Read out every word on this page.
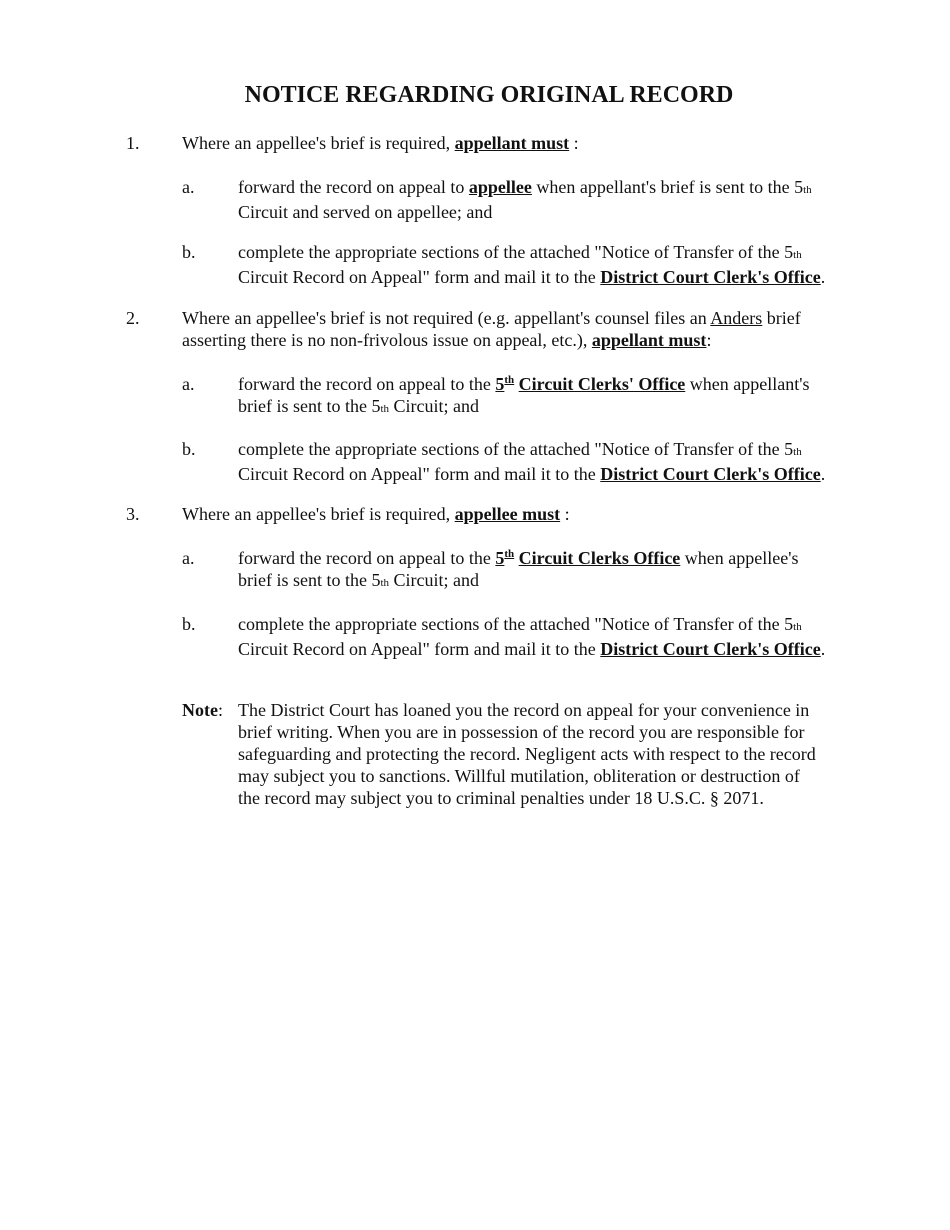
NOTICE REGARDING ORIGINAL RECORD
1. Where an appellee's brief is required, appellant must :
a. forward the record on appeal to appellee when appellant's brief is sent to the 5th
Circuit and served on appellee; and
b. complete the appropriate sections of the attached "Notice of Transfer of the 5th
Circuit Record on Appeal" form and mail it to the District Court Clerk's Office.
2. Where an appellee's brief is not required (e.g. appellant's counsel files an Anders brief
asserting there is no non-frivolous issue on appeal, etc.), appellant must:
a. forward the record on appeal to the 5th Circuit Clerks' Office when appellant's
brief is sent to the 5th Circuit; and
b. complete the appropriate sections of the attached "Notice of Transfer of the 5th
Circuit Record on Appeal" form and mail it to the District Court Clerk's Office.
3. Where an appellee's brief is required, appellee must :
a. forward the record on appeal to the 5th Circuit Clerks Office when appellee's
brief is sent to the 5th Circuit; and
b. complete the appropriate sections of the attached "Notice of Transfer of the 5th
Circuit Record on Appeal" form and mail it to the District Court Clerk's Office.
Note: The District Court has loaned you the record on appeal for your convenience in
brief writing. When you are in possession of the record you are responsible for
safeguarding and protecting the record. Negligent acts with respect to the record
may subject you to sanctions. Willful mutilation, obliteration or destruction of
the record may subject you to criminal penalties under 18 U.S.C. § 2071.
